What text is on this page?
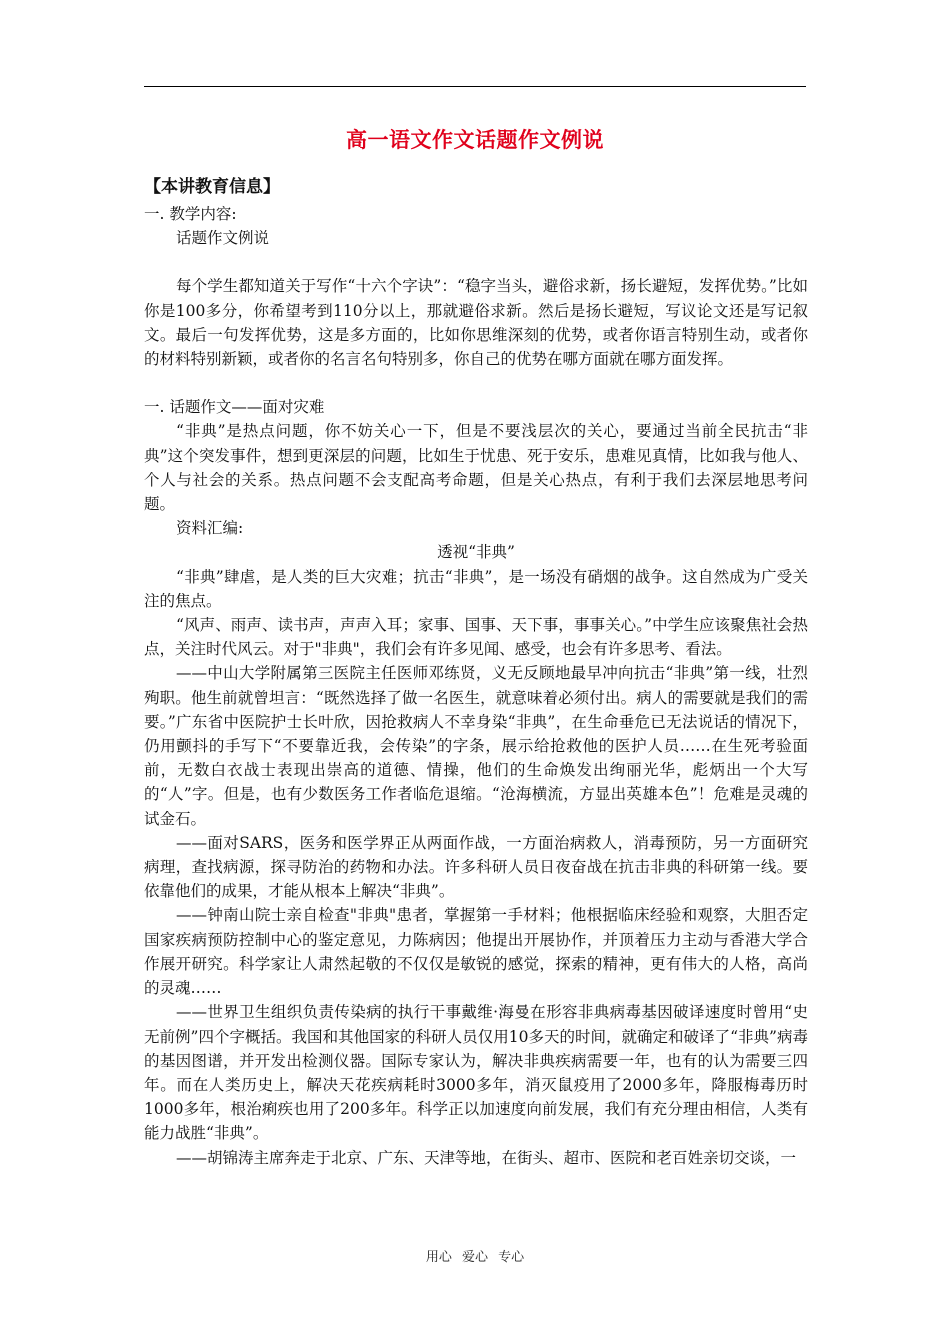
高一语文作文话题作文例说
【本讲教育信息】

一. 教学内容:

话题作文例说

每个学生都知道关于写作“十六个字诀”：“稳字当头，避俗求新，扬长避短，发挥优势。”比如你是100多分，你希望考到110分以上，那就避俗求新。然后是扬长避短，写议论文还是写记叙文。最后一句发挥优势，这是多方面的，比如你思维深刻的优势，或者你语言特别生动，或者你的材料特别新颖，或者你的名言名句特别多，你自己的优势在哪方面就在哪方面发挥。

一. 话题作文——面对灾难

“非典”是热点问题，你不妨关心一下，但是不要浅层次的关心，要通过当前全民抗击“非典”这个突发事件，想到更深层的问题，比如生于忧患、死于安乐，患难见真情，比如我与他人、个人与社会的关系。热点问题不会支配高考命题，但是关心热点，有利于我们去深层地思考问题。

资料汇编:

透视“非典”

“非典”肆虐，是人类的巨大灾难；抗击“非典”，是一场没有硝烟的战争。这自然成为广受关注的焦点。

“风声、雨声、读书声，声声入耳；家事、国事、天下事，事事关心。”中学生应该聚焦社会热点，关注时代风云。对于"非典"，我们会有许多见闻、感受，也会有许多思考、看法。

——中山大学附属第三医院主任医师邓练贤，义无反顾地最早冲向抗击“非典”第一线，壮烈殉职。他生前就曾坦言：“既然选择了做一名医生，就意味着必须付出。病人的需要就是我们的需要。”广东省中医院护士长叶欣，因抢救病人不幸身染“非典”，在生命垂危已无法说话的情况下，仍用颤抖的手写下“不要靠近我，会传染”的字条，展示给抢救他的医护人员……在生死考验面前，无数白衣战士表现出崇高的道德、情操，他们的生命焕发出绚丽光华，彪炳出一个大写的“人”字。但是，也有少数医务工作者临危退缩。“沧海横流，方显出英雄本色”！危难是灵魂的试金石。

——面对SARS，医务和医学界正从两面作战，一方面治病救人，消毒预防，另一方面研究病理，查找病源，探寻防治的药物和办法。许多科研人员日夜奋战在抗击非典的科研第一线。要依靠他们的成果，才能从根本上解决“非典”。

——钟南山院士亲自检查"非典"患者，掌握第一手材料；他根据临床经验和观察，大胆否定国家疾病预防控制中心的鉴定意见，力陈病因；他提出开展协作，并顶着压力主动与香港大学合作展开研究。科学家让人肃然起敬的不仅仅是敏锐的感觉，探索的精神，更有伟大的人格，高尚的灵魂……

——世界卫生组织负责传染病的执行干事戴维·海曼在形容非典病毒基因破译速度时曾用“史无前例”四个字概括。我国和其他国家的科研人员仅用10多天的时间，就确定和破译了“非典”病毒的基因图谱，并开发出检测仪器。国际专家认为，解决非典疾病需要一年，也有的认为需要三四年。而在人类历史上，解决天花疾病耗时3000多年，消灭鼠疫用了2000多年，降服梅毒历时1000多年，根治痢疾也用了200多年。科学正以加速度向前发展，我们有充分理由相信，人类有能力战胜“非典”。

——胡锦涛主席奔走于北京、广东、天津等地，在街头、超市、医院和老百姓亲切交谈，一

用心 爱心 专心
